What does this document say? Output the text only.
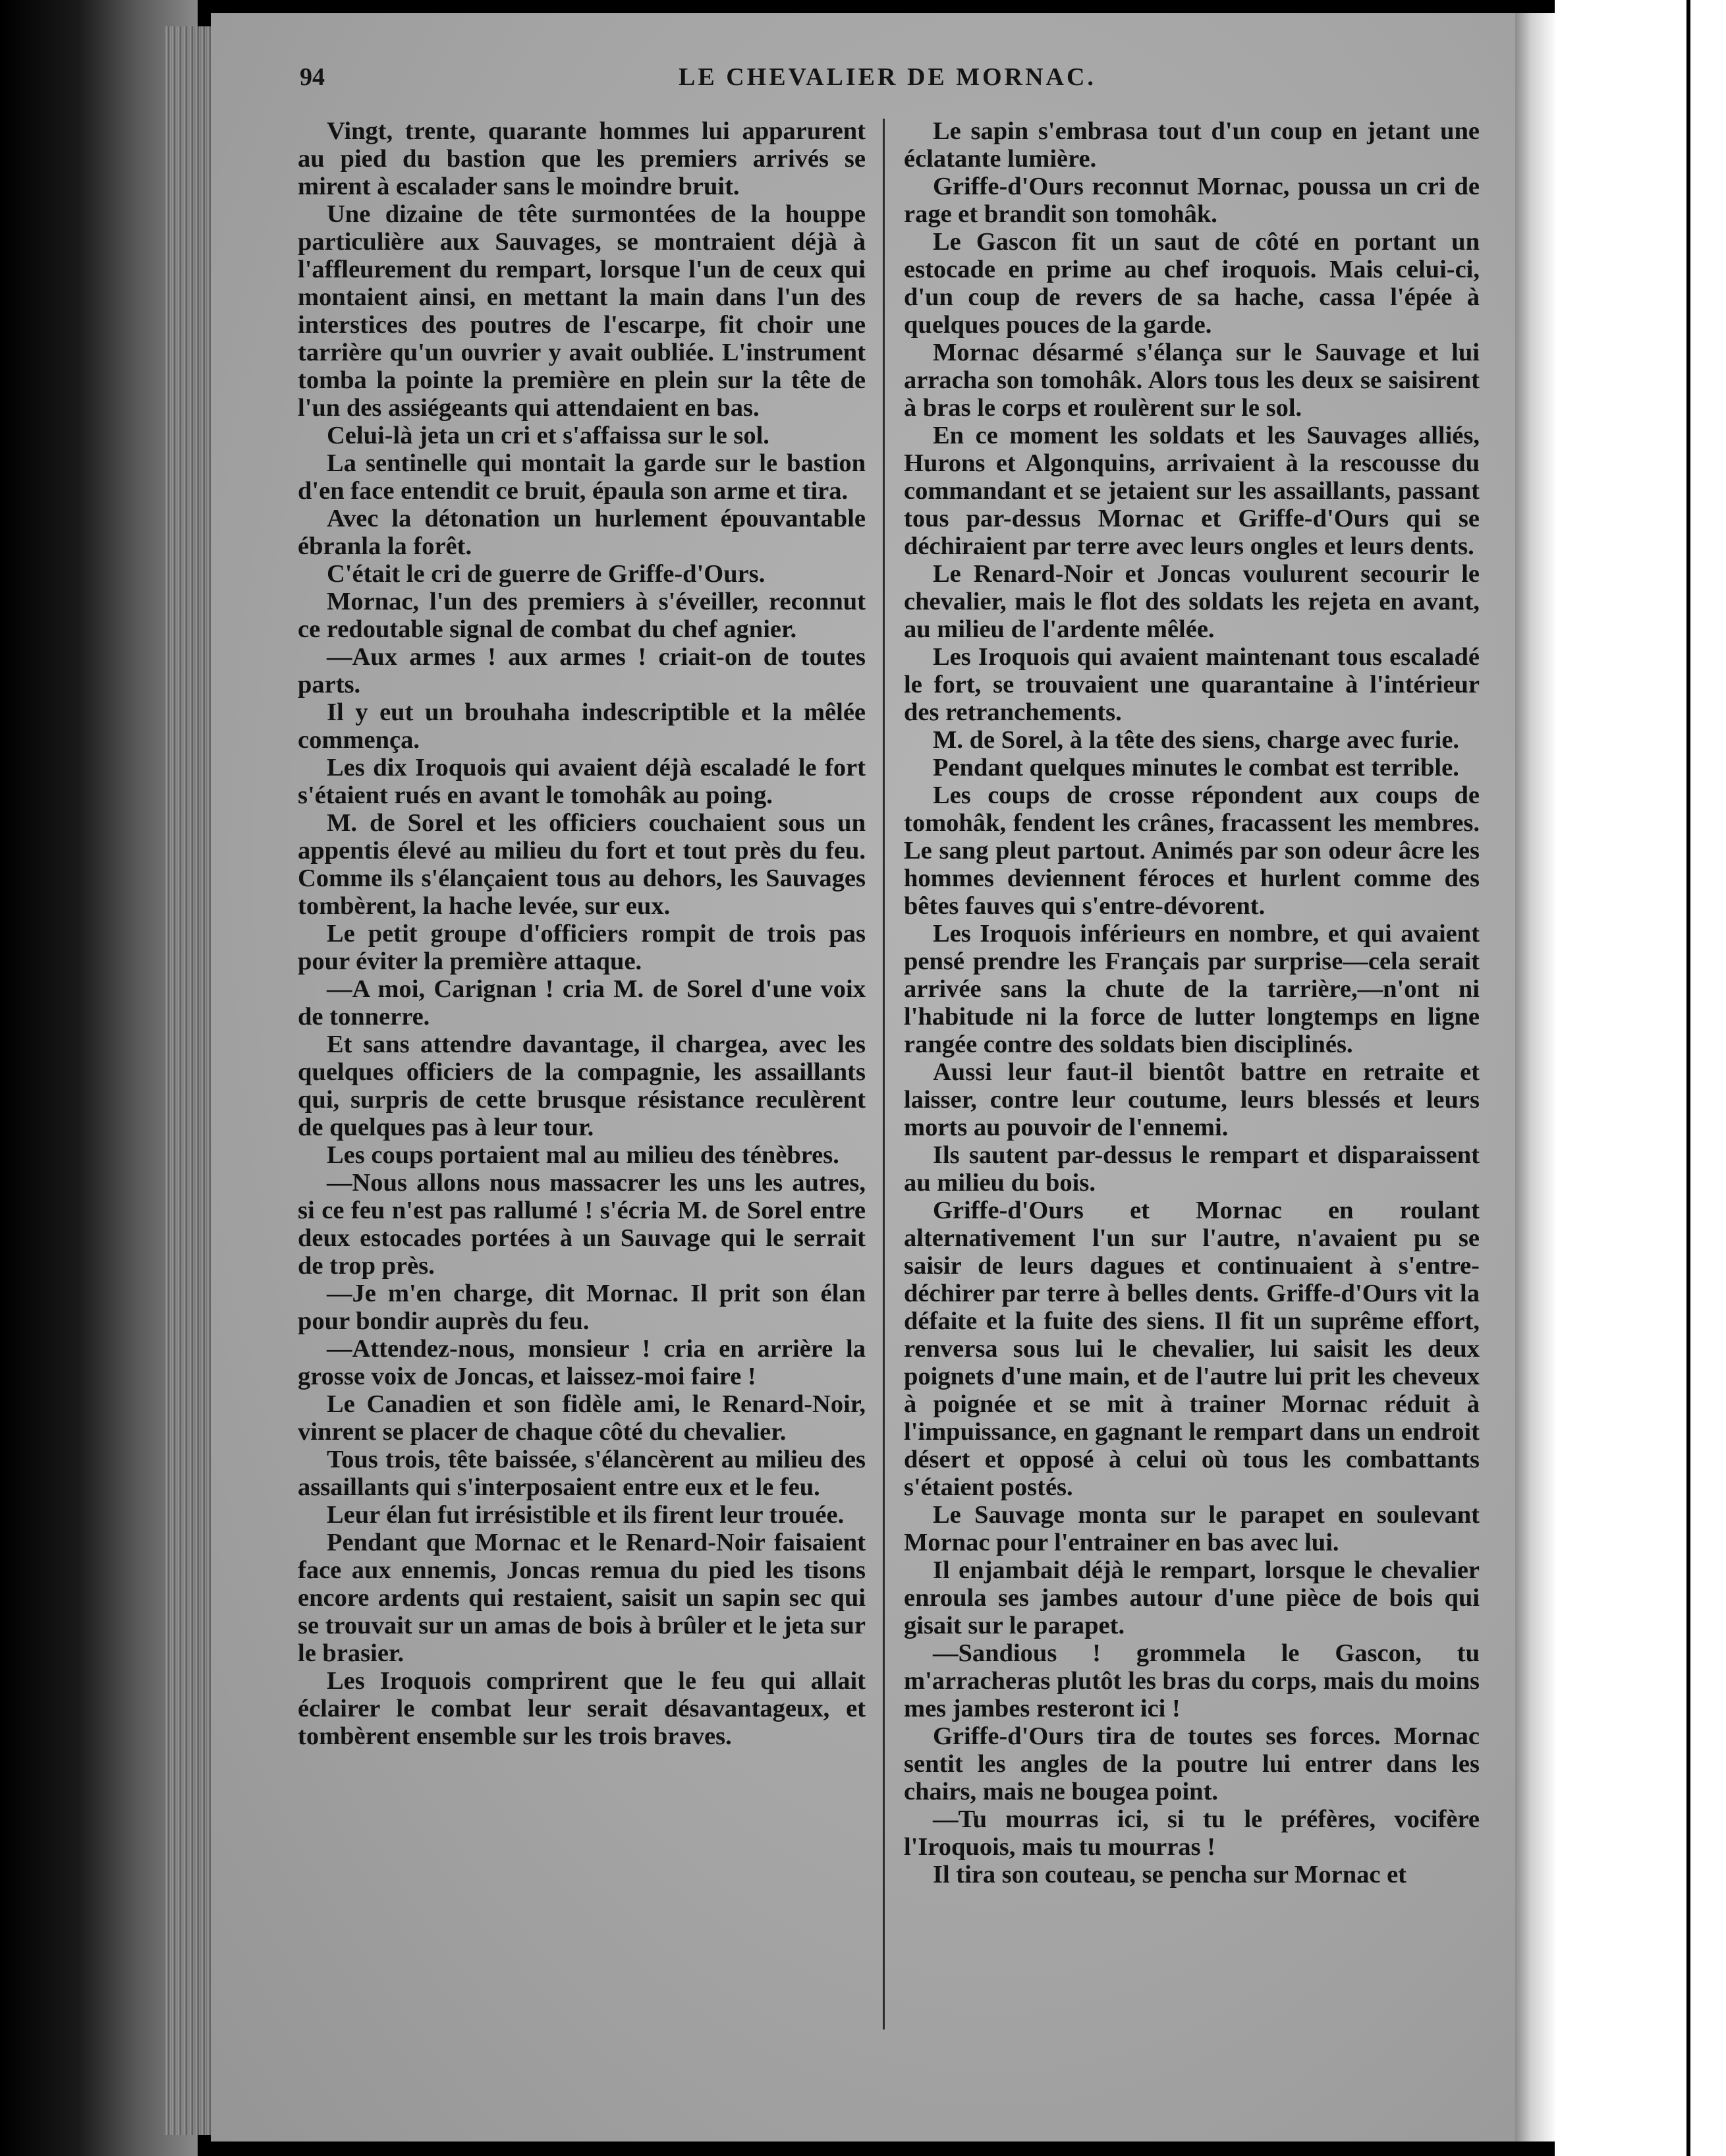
94	LE CHEVALIER DE MORNAC.

Vingt, trente, quarante hommes lui apparurent au pied du bastion que les premiers arrivés se mirent à escalader sans le moindre bruit.

Une dizaine de tête surmontées de la houppe particulière aux Sauvages, se montraient déjà à l'affleurement du rempart, lorsque l'un de ceux qui montaient ainsi, en mettant la main dans l'un des interstices des poutres de l'escarpe, fit choir une tarrière qu'un ouvrier y avait oubliée. L'instrument tomba la pointe la première en plein sur la tête de l'un des assiégeants qui attendaient en bas.

Celui-là jeta un cri et s'affaissa sur le sol.

La sentinelle qui montait la garde sur le bastion d'en face entendit ce bruit, épaula son arme et tira.

Avec la détonation un hurlement épouvantable ébranla la forêt.

C'était le cri de guerre de Griffe-d'Ours.

Mornac, l'un des premiers à s'éveiller, reconnut ce redoutable signal de combat du chef agnier.

—Aux armes ! aux armes ! criait-on de toutes parts.

Il y eut un brouhaha indescriptible et la mêlée commença.

Les dix Iroquois qui avaient déjà escaladé le fort s'étaient rués en avant le tomohâk au poing.

M. de Sorel et les officiers couchaient sous un appentis élevé au milieu du fort et tout près du feu. Comme ils s'élançaient tous au dehors, les Sauvages tombèrent, la hache levée, sur eux.

Le petit groupe d'officiers rompit de trois pas pour éviter la première attaque.

—A moi, Carignan ! cria M. de Sorel d'une voix de tonnerre.

Et sans attendre davantage, il chargea, avec les quelques officiers de la compagnie, les assaillants qui, surpris de cette brusque résistance reculèrent de quelques pas à leur tour.

Les coups portaient mal au milieu des ténèbres.

—Nous allons nous massacrer les uns les autres, si ce feu n'est pas rallumé ! s'écria M. de Sorel entre deux estocades portées à un Sauvage qui le serrait de trop près.

—Je m'en charge, dit Mornac. Il prit son élan pour bondir auprès du feu.

—Attendez-nous, monsieur ! cria en arrière la grosse voix de Joncas, et laissez-moi faire !

Le Canadien et son fidèle ami, le Renard-Noir, vinrent se placer de chaque côté du chevalier.

Tous trois, tête baissée, s'élancèrent au milieu des assaillants qui s'interposaient entre eux et le feu.

Leur élan fut irrésistible et ils firent leur trouée.

Pendant que Mornac et le Renard-Noir faisaient face aux ennemis, Joncas remua du pied les tisons encore ardents qui restaient, saisit un sapin sec qui se trouvait sur un amas de bois à brûler et le jeta sur le brasier.

Les Iroquois comprirent que le feu qui allait éclairer le combat leur serait désavantageux, et tombèrent ensemble sur les trois braves.

Le sapin s'embrasa tout d'un coup en jetant une éclatante lumière.

Griffe-d'Ours reconnut Mornac, poussa un cri de rage et brandit son tomohâk.

Le Gascon fit un saut de côté en portant un estocade en prime au chef iroquois. Mais celui-ci, d'un coup de revers de sa hache, cassa l'épée à quelques pouces de la garde.

Mornac désarmé s'élança sur le Sauvage et lui arracha son tomohâk. Alors tous les deux se saisirent à bras le corps et roulèrent sur le sol.

En ce moment les soldats et les Sauvages alliés, Hurons et Algonquins, arrivaient à la rescousse du commandant et se jetaient sur les assaillants, passant tous par-dessus Mornac et Griffe-d'Ours qui se déchiraient par terre avec leurs ongles et leurs dents.

Le Renard-Noir et Joncas voulurent secourir le chevalier, mais le flot des soldats les rejeta en avant, au milieu de l'ardente mêlée.

Les Iroquois qui avaient maintenant tous escaladé le fort, se trouvaient une quarantaine à l'intérieur des retranchements.

M. de Sorel, à la tête des siens, charge avec furie.

Pendant quelques minutes le combat est terrible.

Les coups de crosse répondent aux coups de tomohâk, fendent les crânes, fracassent les membres. Le sang pleut partout. Animés par son odeur âcre les hommes deviennent féroces et hurlent comme des bêtes fauves qui s'entre-dévorent.

Les Iroquois inférieurs en nombre, et qui avaient pensé prendre les Français par surprise—cela serait arrivée sans la chute de la tarrière,—n'ont ni l'habitude ni la force de lutter longtemps en ligne rangée contre des soldats bien disciplinés.

Aussi leur faut-il bientôt battre en retraite et laisser, contre leur coutume, leurs blessés et leurs morts au pouvoir de l'ennemi.

Ils sautent par-dessus le rempart et disparaissent au milieu du bois.

Griffe-d'Ours et Mornac en roulant alternativement l'un sur l'autre, n'avaient pu se saisir de leurs dagues et continuaient à s'entre-déchirer par terre à belles dents. Griffe-d'Ours vit la défaite et la fuite des siens. Il fit un suprême effort, renversa sous lui le chevalier, lui saisit les deux poignets d'une main, et de l'autre lui prit les cheveux à poignée et se mit à trainer Mornac réduit à l'impuissance, en gagnant le rempart dans un endroit désert et opposé à celui où tous les combattants s'étaient postés.

Le Sauvage monta sur le parapet en soulevant Mornac pour l'entrainer en bas avec lui.

Il enjambait déjà le rempart, lorsque le chevalier enroula ses jambes autour d'une pièce de bois qui gisait sur le parapet.

—Sandious ! grommela le Gascon, tu m'arracheras plutôt les bras du corps, mais du moins mes jambes resteront ici !

Griffe-d'Ours tira de toutes ses forces. Mornac sentit les angles de la poutre lui entrer dans les chairs, mais ne bougea point.

—Tu mourras ici, si tu le préfères, vocifère l'Iroquois, mais tu mourras !

Il tira son couteau, se pencha sur Mornac et
